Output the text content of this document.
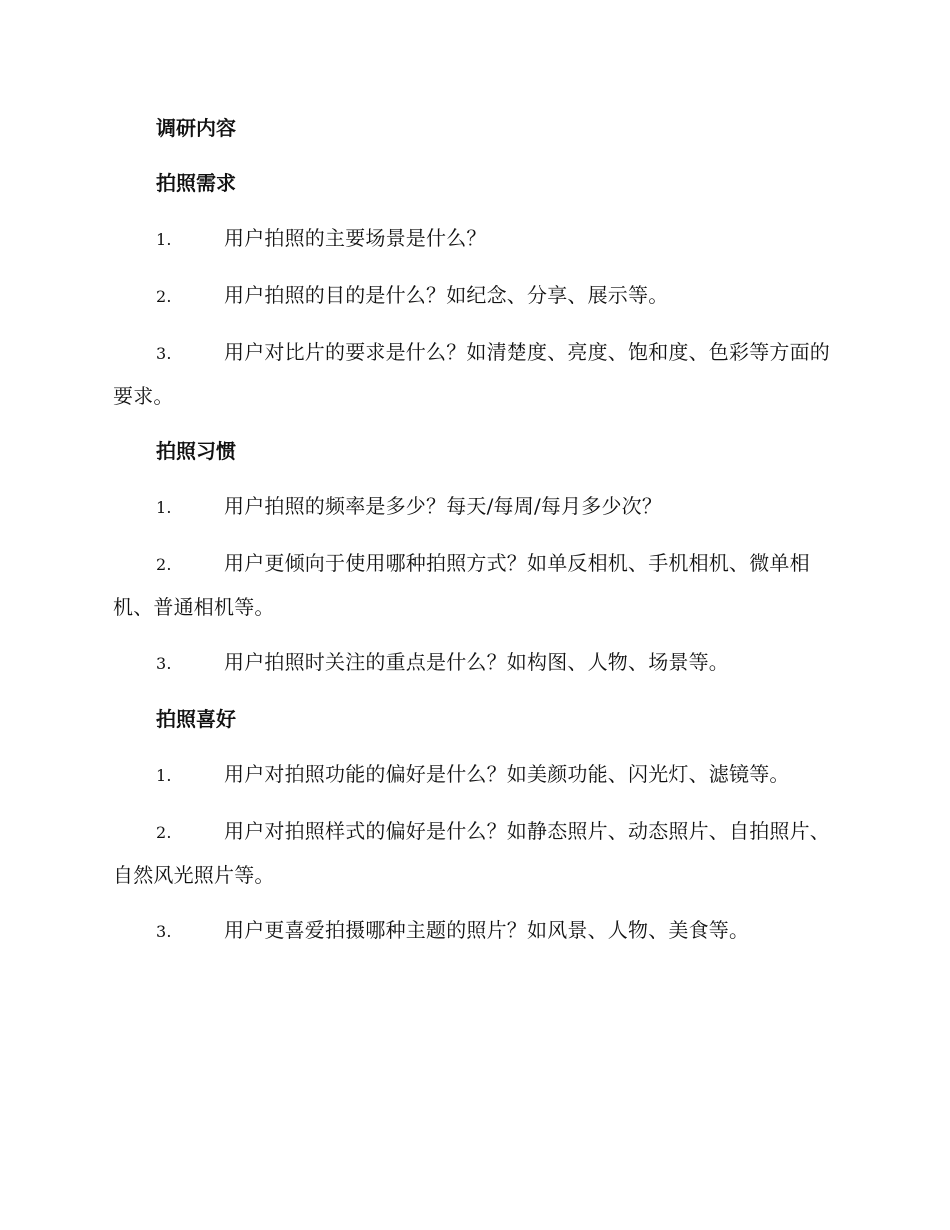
调研内容
拍照需求
1.	用户拍照的主要场景是什么？
2.	用户拍照的目的是什么？如纪念、分享、展示等。
3.	用户对比片的要求是什么？如清楚度、亮度、饱和度、色彩等方面的要求。
拍照习惯
1.	用户拍照的频率是多少？每天/每周/每月多少次？
2.	用户更倾向于使用哪种拍照方式？如单反相机、手机相机、微单相机、普通相机等。
3.	用户拍照时关注的重点是什么？如构图、人物、场景等。
拍照喜好
1.	用户对拍照功能的偏好是什么？如美颜功能、闪光灯、滤镜等。
2.	用户对拍照样式的偏好是什么？如静态照片、动态照片、自拍照片、自然风光照片等。
3.	用户更喜爱拍摄哪种主题的照片？如风景、人物、美食等。
